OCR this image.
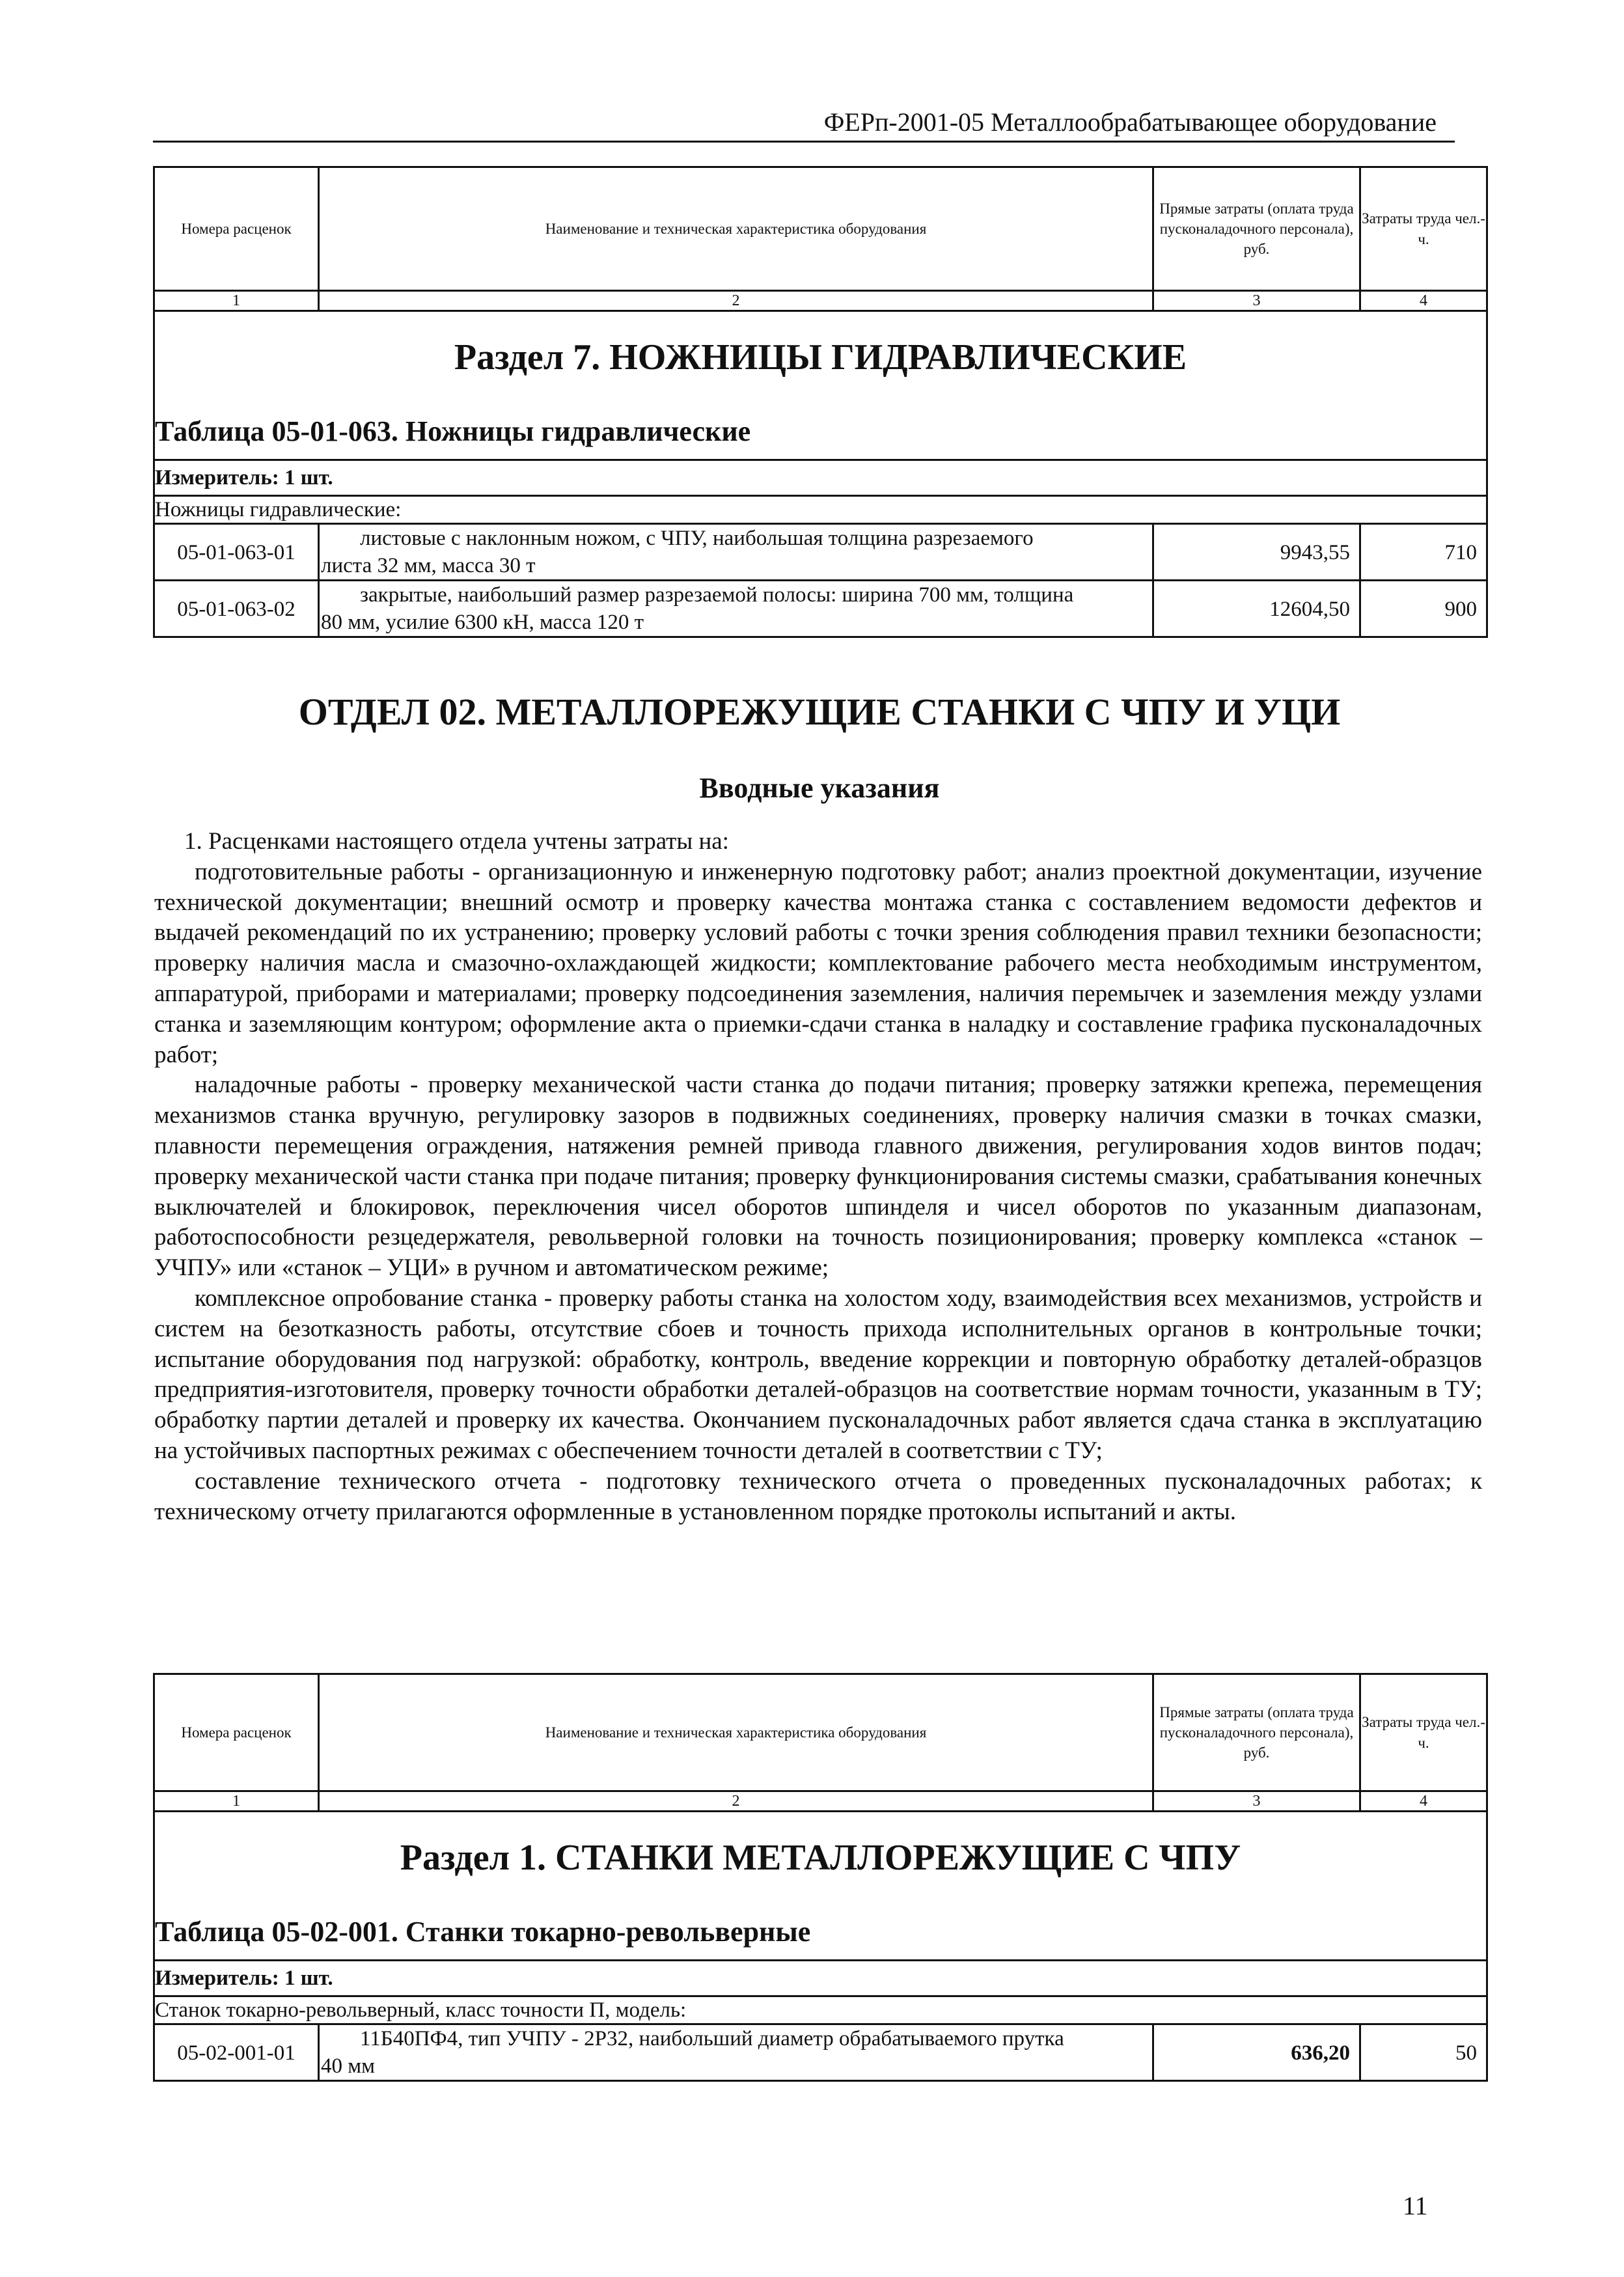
ФЕРп-2001-05 Металлообрабатывающее оборудование
Номера расценок	Наименование и техническая характеристика оборудования	Прямые затраты (оплата труда пусконаладочного персонала), руб.	Затраты труда чел.-ч.
1	2	3	4
Раздел 7. НОЖНИЦЫ ГИДРАВЛИЧЕСКИЕ			
Таблица 05-01-063. Ножницы гидравлические			
Измеритель: 1 шт.			
Ножницы гидравлические:			
05-01-063-01	листовые с наклонным ножом, с ЧПУ, наибольшая толщина разрезаемого
листа 32 мм, масса 30 т	9943,55	710
05-01-063-02	закрытые, наибольший размер разрезаемой полосы: ширина 700 мм, толщина
80 мм, усилие 6300 кН, масса 120 т	12604,50	900
ОТДЕЛ 02. МЕТАЛЛОРЕЖУЩИЕ СТАНКИ С ЧПУ И УЦИ
Вводные указания

1. Расценками настоящего отдела учтены затраты на:

подготовительные работы - организационную и инженерную подготовку работ; анализ проектной документации, изучение технической документации; внешний осмотр и проверку качества монтажа станка с составлением ведомости дефектов и выдачей рекомендаций по их устранению; проверку условий работы с точки зрения соблюдения правил техники безопасности; проверку наличия масла и смазочно-охлаждающей жидкости; комплектование рабочего места необходимым инструментом, аппаратурой, приборами и материалами; проверку подсоединения заземления, наличия перемычек и заземления между узлами станка и заземляющим контуром; оформление акта о приемки-сдачи станка в наладку и составление графика пусконаладочных работ;

наладочные работы - проверку механической части станка до подачи питания; проверку затяжки крепежа, перемещения механизмов станка вручную, регулировку зазоров в подвижных соединениях, проверку наличия смазки в точках смазки, плавности перемещения ограждения, натяжения ремней привода главного движения, регулирования ходов винтов подач; проверку механической части станка при подаче питания; проверку функционирования системы смазки, срабатывания конечных выключателей и блокировок, переключения чисел оборотов шпинделя и чисел оборотов по указанным диапазонам, работоспособности резцедержателя, револьверной головки на точность позиционирования; проверку комплекса «станок – УЧПУ» или «станок – УЦИ» в ручном и автоматическом режиме;

комплексное опробование станка - проверку работы станка на холостом ходу, взаимодействия всех механизмов, устройств и систем на безотказность работы, отсутствие сбоев и точность прихода исполнительных органов в контрольные точки; испытание оборудования под нагрузкой: обработку, контроль, введение коррекции и повторную обработку деталей-образцов предприятия-изготовителя, проверку точности обработки деталей-образцов на соответствие нормам точности, указанным в ТУ; обработку партии деталей и проверку их качества. Окончанием пусконаладочных работ является сдача станка в эксплуатацию на устойчивых паспортных режимах с обеспечением точности деталей в соответствии с ТУ;

составление технического отчета - подготовку технического отчета о проведенных пусконаладочных работах; к техническому отчету прилагаются оформленные в установленном порядке протоколы испытаний и акты.

Номера расценок	Наименование и техническая характеристика оборудования	Прямые затраты (оплата труда пусконаладочного персонала), руб.	Затраты труда чел.-ч.
1	2	3	4
Раздел 1. СТАНКИ МЕТАЛЛОРЕЖУЩИЕ С ЧПУ			
Таблица 05-02-001. Станки токарно-револьверные			
Измеритель: 1 шт.			
Станок токарно-револьверный, класс точности П, модель:			
05-02-001-01	11Б40ПФ4, тип УЧПУ - 2Р32, наибольший диаметр обрабатываемого прутка
40 мм	636,20	50
11
